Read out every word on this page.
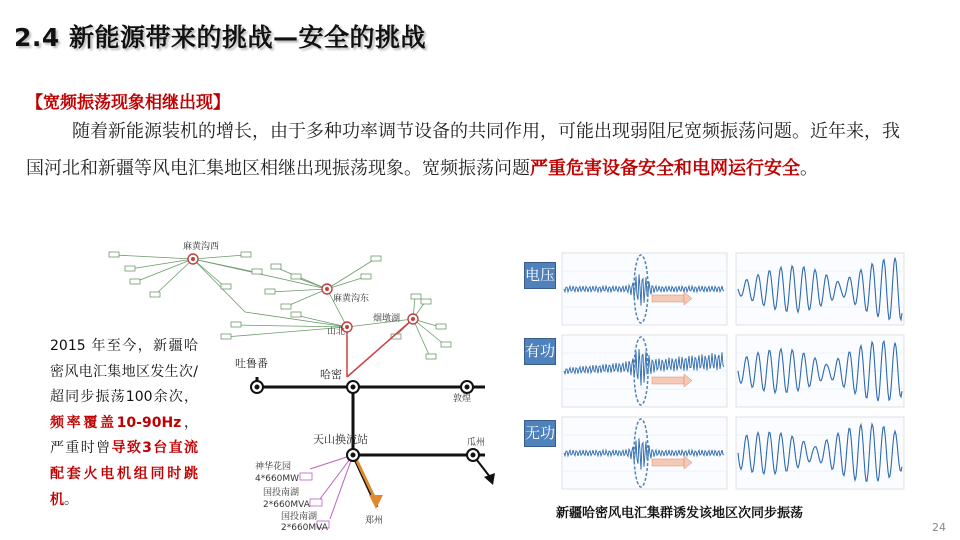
2.4 新能源带来的挑战—安全的挑战
【宽频振荡现象相继出现】
随着新能源装机的增长，由于多种功率调节设备的共同作用，可能出现弱阻尼宽频振荡问题。近年来，我国河北和新疆等风电汇集地区相继出现振荡现象。宽频振荡问题严重危害设备安全和电网运行安全。
2015 年至今，新疆哈密风电汇集地区发生次/超同步振荡100余次，频率覆盖10-90Hz，严重时曾导致3台直流配套火电机组同时跳机。
麻黄沟西
麻黄沟东
山北
烟墩湖
吐鲁番
哈密
敦煌
瓜州
天山换流站
神华花园
4*660MW
国投南湖
2*660MVA
国投南湖
2*660MVA
郑州
电压
有功
无功
新疆哈密风电汇集群诱发该地区次同步振荡
24
